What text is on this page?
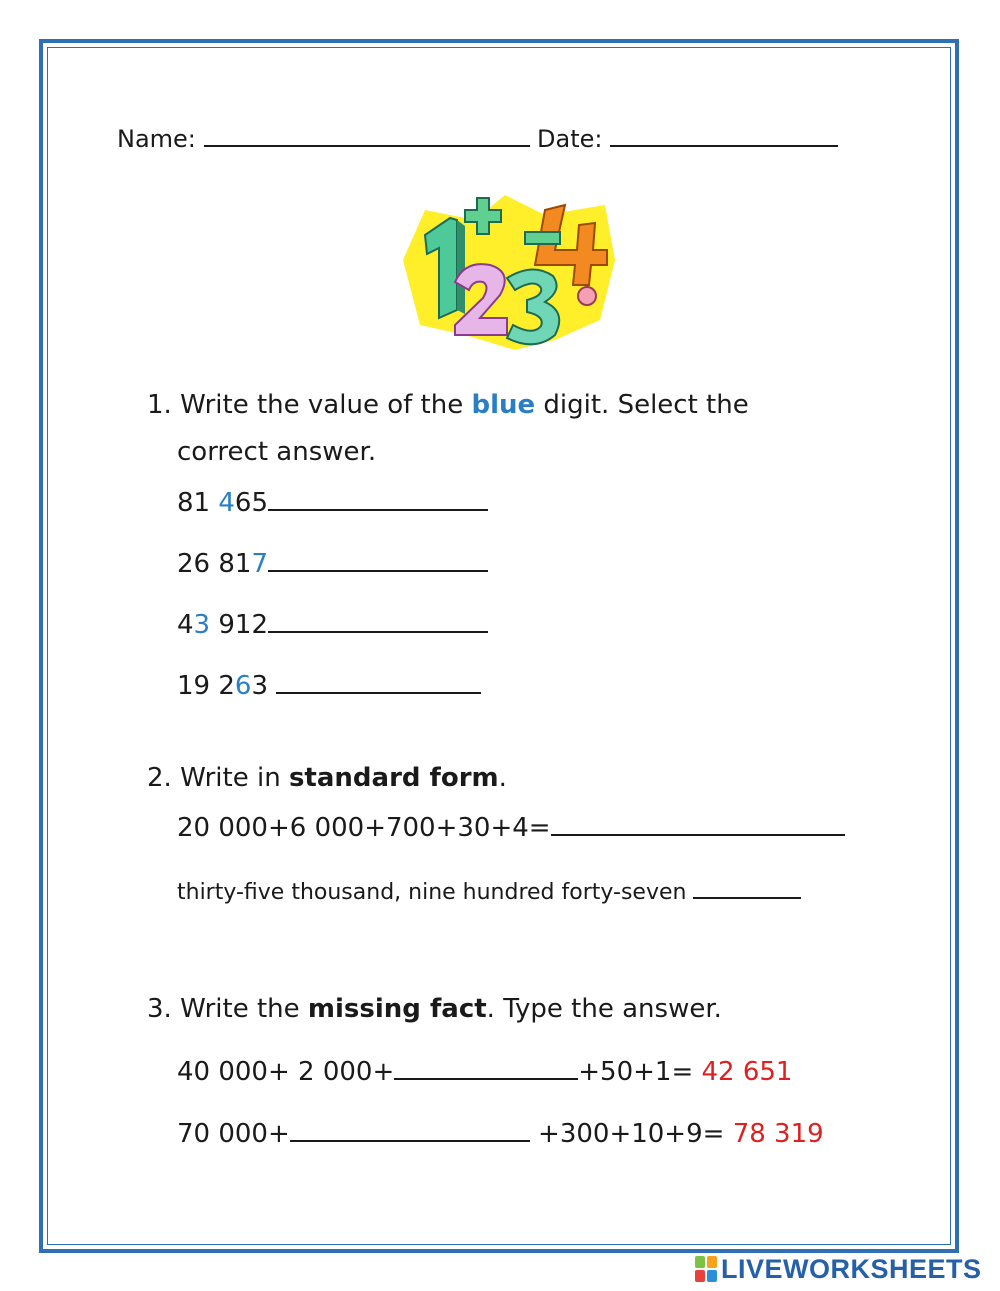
Name:	Date:
1. Write the value of the blue digit. Select the
correct answer.
81 465
26 817
43 912
19 263
2. Write in standard form.
20 000+6 000+700+30+4=
thirty-five thousand, nine hundred forty-seven
3. Write the missing fact. Type the answer.
40 000+ 2 000+	+50+1= 42 651
70 000+	+300+10+9= 78 319
LIVEWORKSHEETS
